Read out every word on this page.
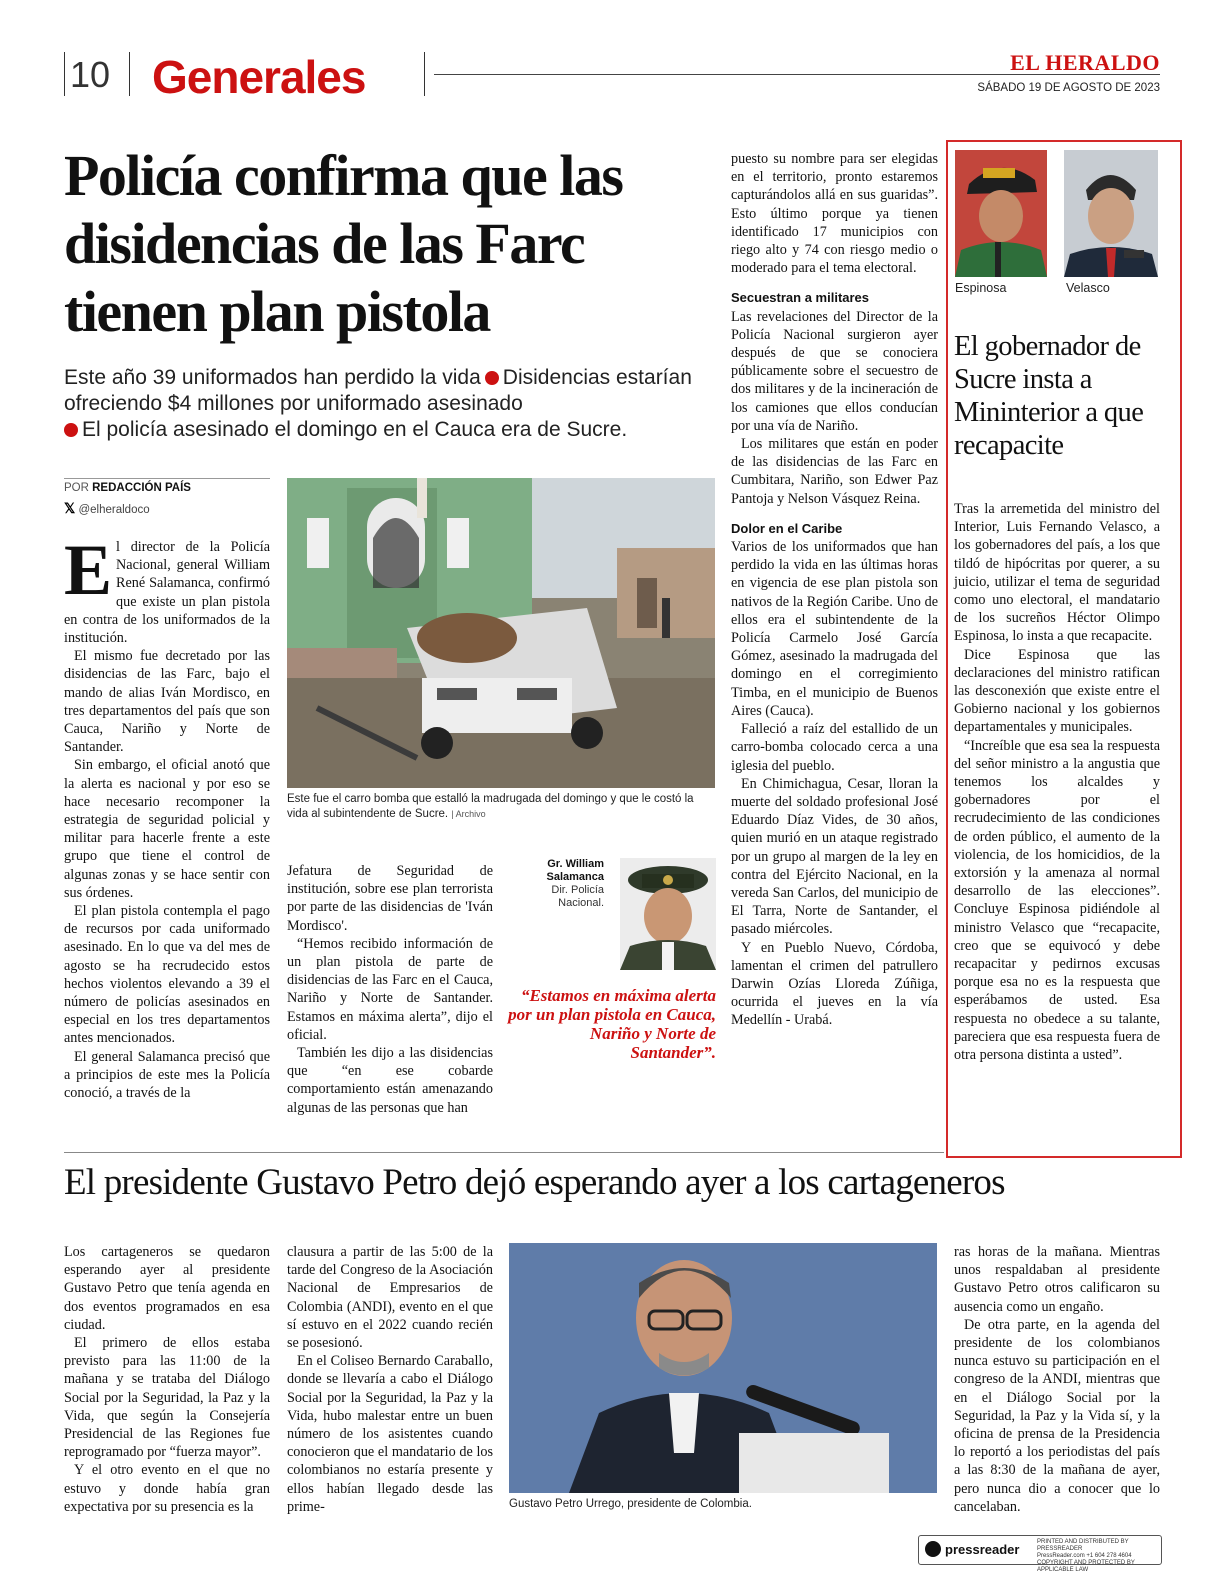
10 Generales	EL HERALDO
SÁBADO 19 DE AGOSTO DE 2023
Policía confirma que las disidencias de las Farc tienen plan pistola
Este año 39 uniformados han perdido la vida Disidencias estarían ofreciendo $4 millones por uniformado asesinado
El policía asesinado el domingo en el Cauca era de Sucre.
POR REDACCIÓN PAÍS
𝕏 @elheraldoco

El director de la Policía Nacional, general William René Salamanca, confirmó que existe un plan pistola en contra de los uniformados de la institución.

El mismo fue decretado por las disidencias de las Farc, bajo el mando de alias Iván Mordisco, en tres departamentos del país que son Cauca, Nariño y Norte de Santander.

Sin embargo, el oficial anotó que la alerta es nacional y por eso se hace necesario recomponer la estrategia de seguridad policial y militar para hacerle frente a este grupo que tiene el control de algunas zonas y se hace sentir con sus órdenes.

El plan pistola contempla el pago de recursos por cada uniformado asesinado. En lo que va del mes de agosto se ha recrudecido estos hechos violentos elevando a 39 el número de policías asesinados en especial en los tres departamentos antes mencionados.

El general Salamanca precisó que a principios de este mes la Policía conoció, a través de la

Este fue el carro bomba que estalló la madrugada del domingo y que le costó la vida al subintendente de Sucre. | Archivo

Jefatura de Seguridad de institución, sobre ese plan terrorista por parte de las disidencias de 'Iván Mordisco'.

“Hemos recibido información de un plan pistola de parte de disidencias de las Farc en el Cauca, Nariño y Norte de Santander. Estamos en máxima alerta”, dijo el oficial.

También les dijo a las disidencias que “en ese cobarde comportamiento están amenazando algunas de las personas que han

Gr. William Salamanca
Dir. Policía Nacional.
“Estamos en máxima alerta por un plan pistola en Cauca, Nariño y Norte de Santander”.

puesto su nombre para ser elegidas en el territorio, pronto estaremos capturándolos allá en sus guaridas”. Esto último porque ya tienen identificado 17 municipios con riego alto y 74 con riesgo medio o moderado para el tema electoral.

Secuestran a militares

Las revelaciones del Director de la Policía Nacional surgieron ayer después de que se conociera públicamente sobre el secuestro de dos militares y de la incineración de los camiones que ellos conducían por una vía de Nariño.

Los militares que están en poder de las disidencias de las Farc en Cumbitara, Nariño, son Edwer Paz Pantoja y Nelson Vásquez Reina.

Dolor en el Caribe

Varios de los uniformados que han perdido la vida en las últimas horas en vigencia de ese plan pistola son nativos de la Región Caribe. Uno de ellos era el subintendente de la Policía Carmelo José García Gómez, asesinado la madrugada del domingo en el corregimiento Timba, en el municipio de Buenos Aires (Cauca).

Falleció a raíz del estallido de un carro-bomba colocado cerca a una iglesia del pueblo.

En Chimichagua, Cesar, lloran la muerte del soldado profesional José Eduardo Díaz Vides, de 30 años, quien murió en un ataque registrado por un grupo al margen de la ley en contra del Ejército Nacional, en la vereda San Carlos, del municipio de El Tarra, Norte de Santander, el pasado miércoles.

Y en Pueblo Nuevo, Córdoba, lamentan el crimen del patrullero Darwin Ozías Lloreda Zúñiga, ocurrida el jueves en la vía Medellín - Urabá.

Espinosa	Velasco
El gobernador de Sucre insta a Mininterior a que recapacite

Tras la arremetida del ministro del Interior, Luis Fernando Velasco, a los gobernadores del país, a los que tildó de hipócritas por querer, a su juicio, utilizar el tema de seguridad como uno electoral, el mandatario de los sucreños Héctor Olimpo Espinosa, lo insta a que recapacite.

Dice Espinosa que las declaraciones del ministro ratifican las desconexión que existe entre el Gobierno nacional y los gobiernos departamentales y municipales.

“Increíble que esa sea la respuesta del señor ministro a la angustia que tenemos los alcaldes y gobernadores por el recrudecimiento de las condiciones de orden público, el aumento de la violencia, de los homicidios, de la extorsión y la amenaza al normal desarrollo de las elecciones”. Concluye Espinosa pidiéndole al ministro Velasco que “recapacite, creo que se equivocó y debe recapacitar y pedirnos excusas porque esa no es la respuesta que esperábamos de usted. Esa respuesta no obedece a su talante, pareciera que esa respuesta fuera de otra persona distinta a usted”.

El presidente Gustavo Petro dejó esperando ayer a los cartageneros

Los cartageneros se quedaron esperando ayer al presidente Gustavo Petro que tenía agenda en dos eventos programados en esa ciudad.

El primero de ellos estaba previsto para las 11:00 de la mañana y se trataba del Diálogo Social por la Seguridad, la Paz y la Vida, que según la Consejería Presidencial de las Regiones fue reprogramado por “fuerza mayor”.

Y el otro evento en el que no estuvo y donde había gran expectativa por su presencia es la

clausura a partir de las 5:00 de la tarde del Congreso de la Asociación Nacional de Empresarios de Colombia (ANDI), evento en el que sí estuvo en el 2022 cuando recién se posesionó.

En el Coliseo Bernardo Caraballo, donde se llevaría a cabo el Diálogo Social por la Seguridad, la Paz y la Vida, hubo malestar entre un buen número de los asistentes cuando conocieron que el mandatario de los colombianos no estaría presente y ellos habían llegado desde las prime-	Gustavo Petro Urrego, presidente de Colombia.

ras horas de la mañana. Mientras unos respaldaban al presidente Gustavo Petro otros calificaron su ausencia como un engaño.

De otra parte, en la agenda del presidente de los colombianos nunca estuvo su participación en el congreso de la ANDI, mientras que en el Diálogo Social por la Seguridad, la Paz y la Vida sí, y la oficina de prensa de la Presidencia lo reportó a los periodistas del país a las 8:30 de la mañana de ayer, pero nunca dio a conocer que lo cancelaban.

pressreader	PRINTED AND DISTRIBUTED BY PRESSREADER
PressReader.com +1 604 278 4604
COPYRIGHT AND PROTECTED BY APPLICABLE LAW
